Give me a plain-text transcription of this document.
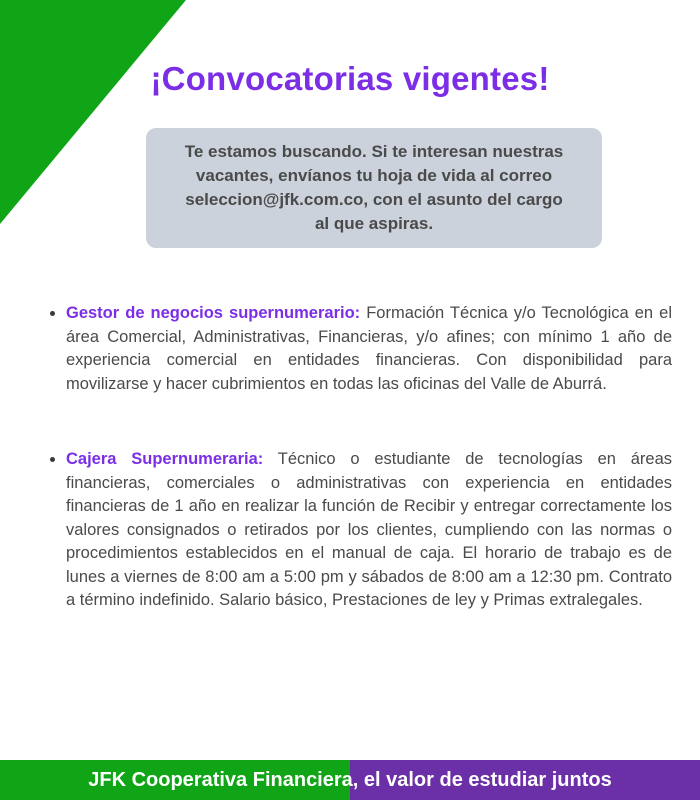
¡Convocatorias vigentes!

Te estamos buscando. Si te interesan nuestras vacantes, envíanos tu hoja de vida al correo seleccion@jfk.com.co, con el asunto del cargo al que aspiras.

Gestor de negocios supernumerario: Formación Técnica y/o Tecnológica en el área Comercial, Administrativas, Financieras, y/o afines; con mínimo 1 año de experiencia comercial en entidades financieras. Con disponibilidad para movilizarse y hacer cubrimientos en todas las oficinas del Valle de Aburrá.
Cajera Supernumeraria: Técnico o estudiante de tecnologías en áreas financieras, comerciales o administrativas con experiencia en entidades financieras de 1 año en realizar la función de Recibir y entregar correctamente los valores consignados o retirados por los clientes, cumpliendo con las normas o procedimientos establecidos en el manual de caja. El horario de trabajo es de lunes a viernes de 8:00 am a 5:00 pm y sábados de 8:00 am a 12:30 pm. Contrato a término indefinido. Salario básico, Prestaciones de ley y Primas extralegales.
JFK Cooperativa Financiera , el valor de estudiar juntos
